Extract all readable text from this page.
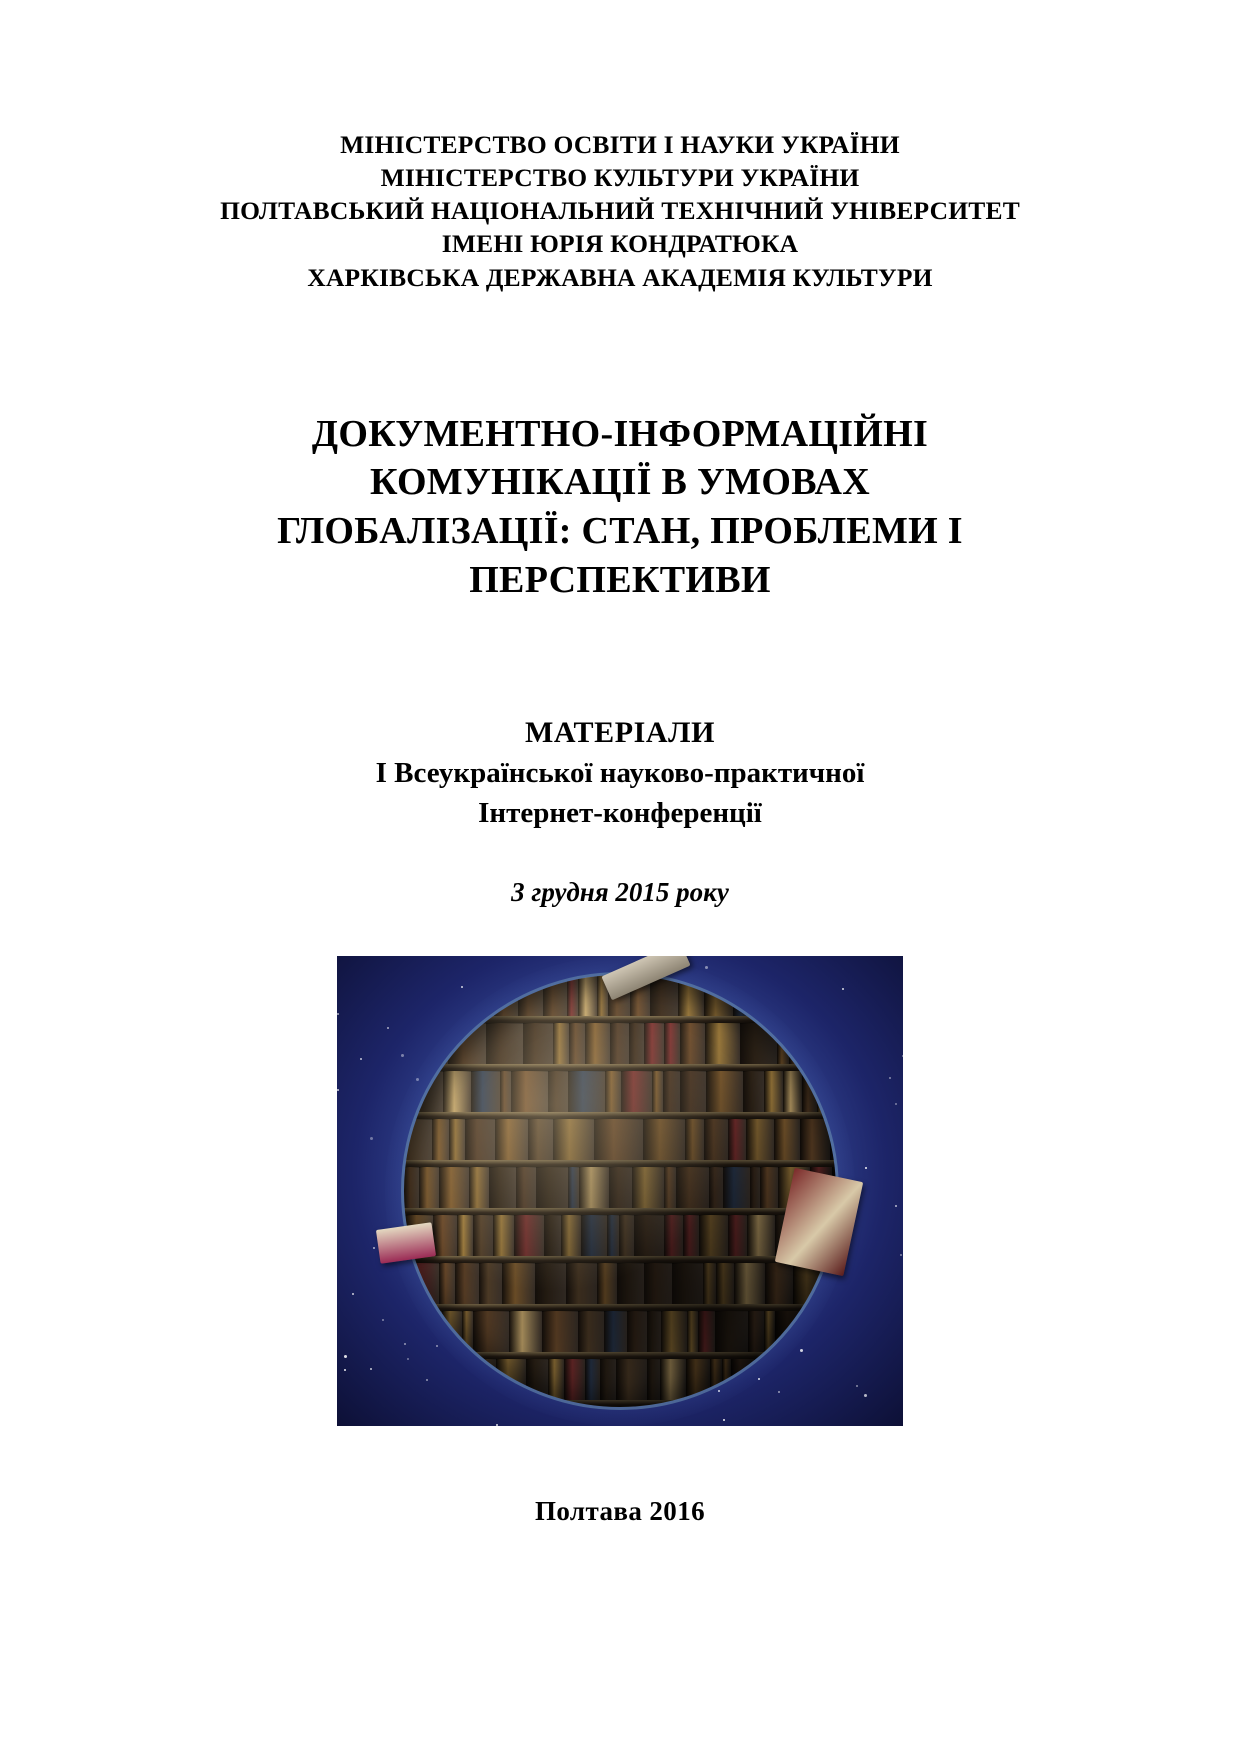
МІНІСТЕРСТВО ОСВІТИ І НАУКИ УКРАЇНИ
МІНІСТЕРСТВО КУЛЬТУРИ УКРАЇНИ
ПОЛТАВСЬКИЙ НАЦІОНАЛЬНИЙ ТЕХНІЧНИЙ УНІВЕРСИТЕТ
ІМЕНІ ЮРІЯ КОНДРАТЮКА
ХАРКІВСЬКА ДЕРЖАВНА АКАДЕМІЯ КУЛЬТУРИ
ДОКУМЕНТНО-ІНФОРМАЦІЙНІ КОМУНІКАЦІЇ В УМОВАХ ГЛОБАЛІЗАЦІЇ: СТАН, ПРОБЛЕМИ І ПЕРСПЕКТИВИ
МАТЕРІАЛИ
І Всеукраїнської науково-практичної
Інтернет-конференції
3 грудня 2015 року
Полтава 2016
